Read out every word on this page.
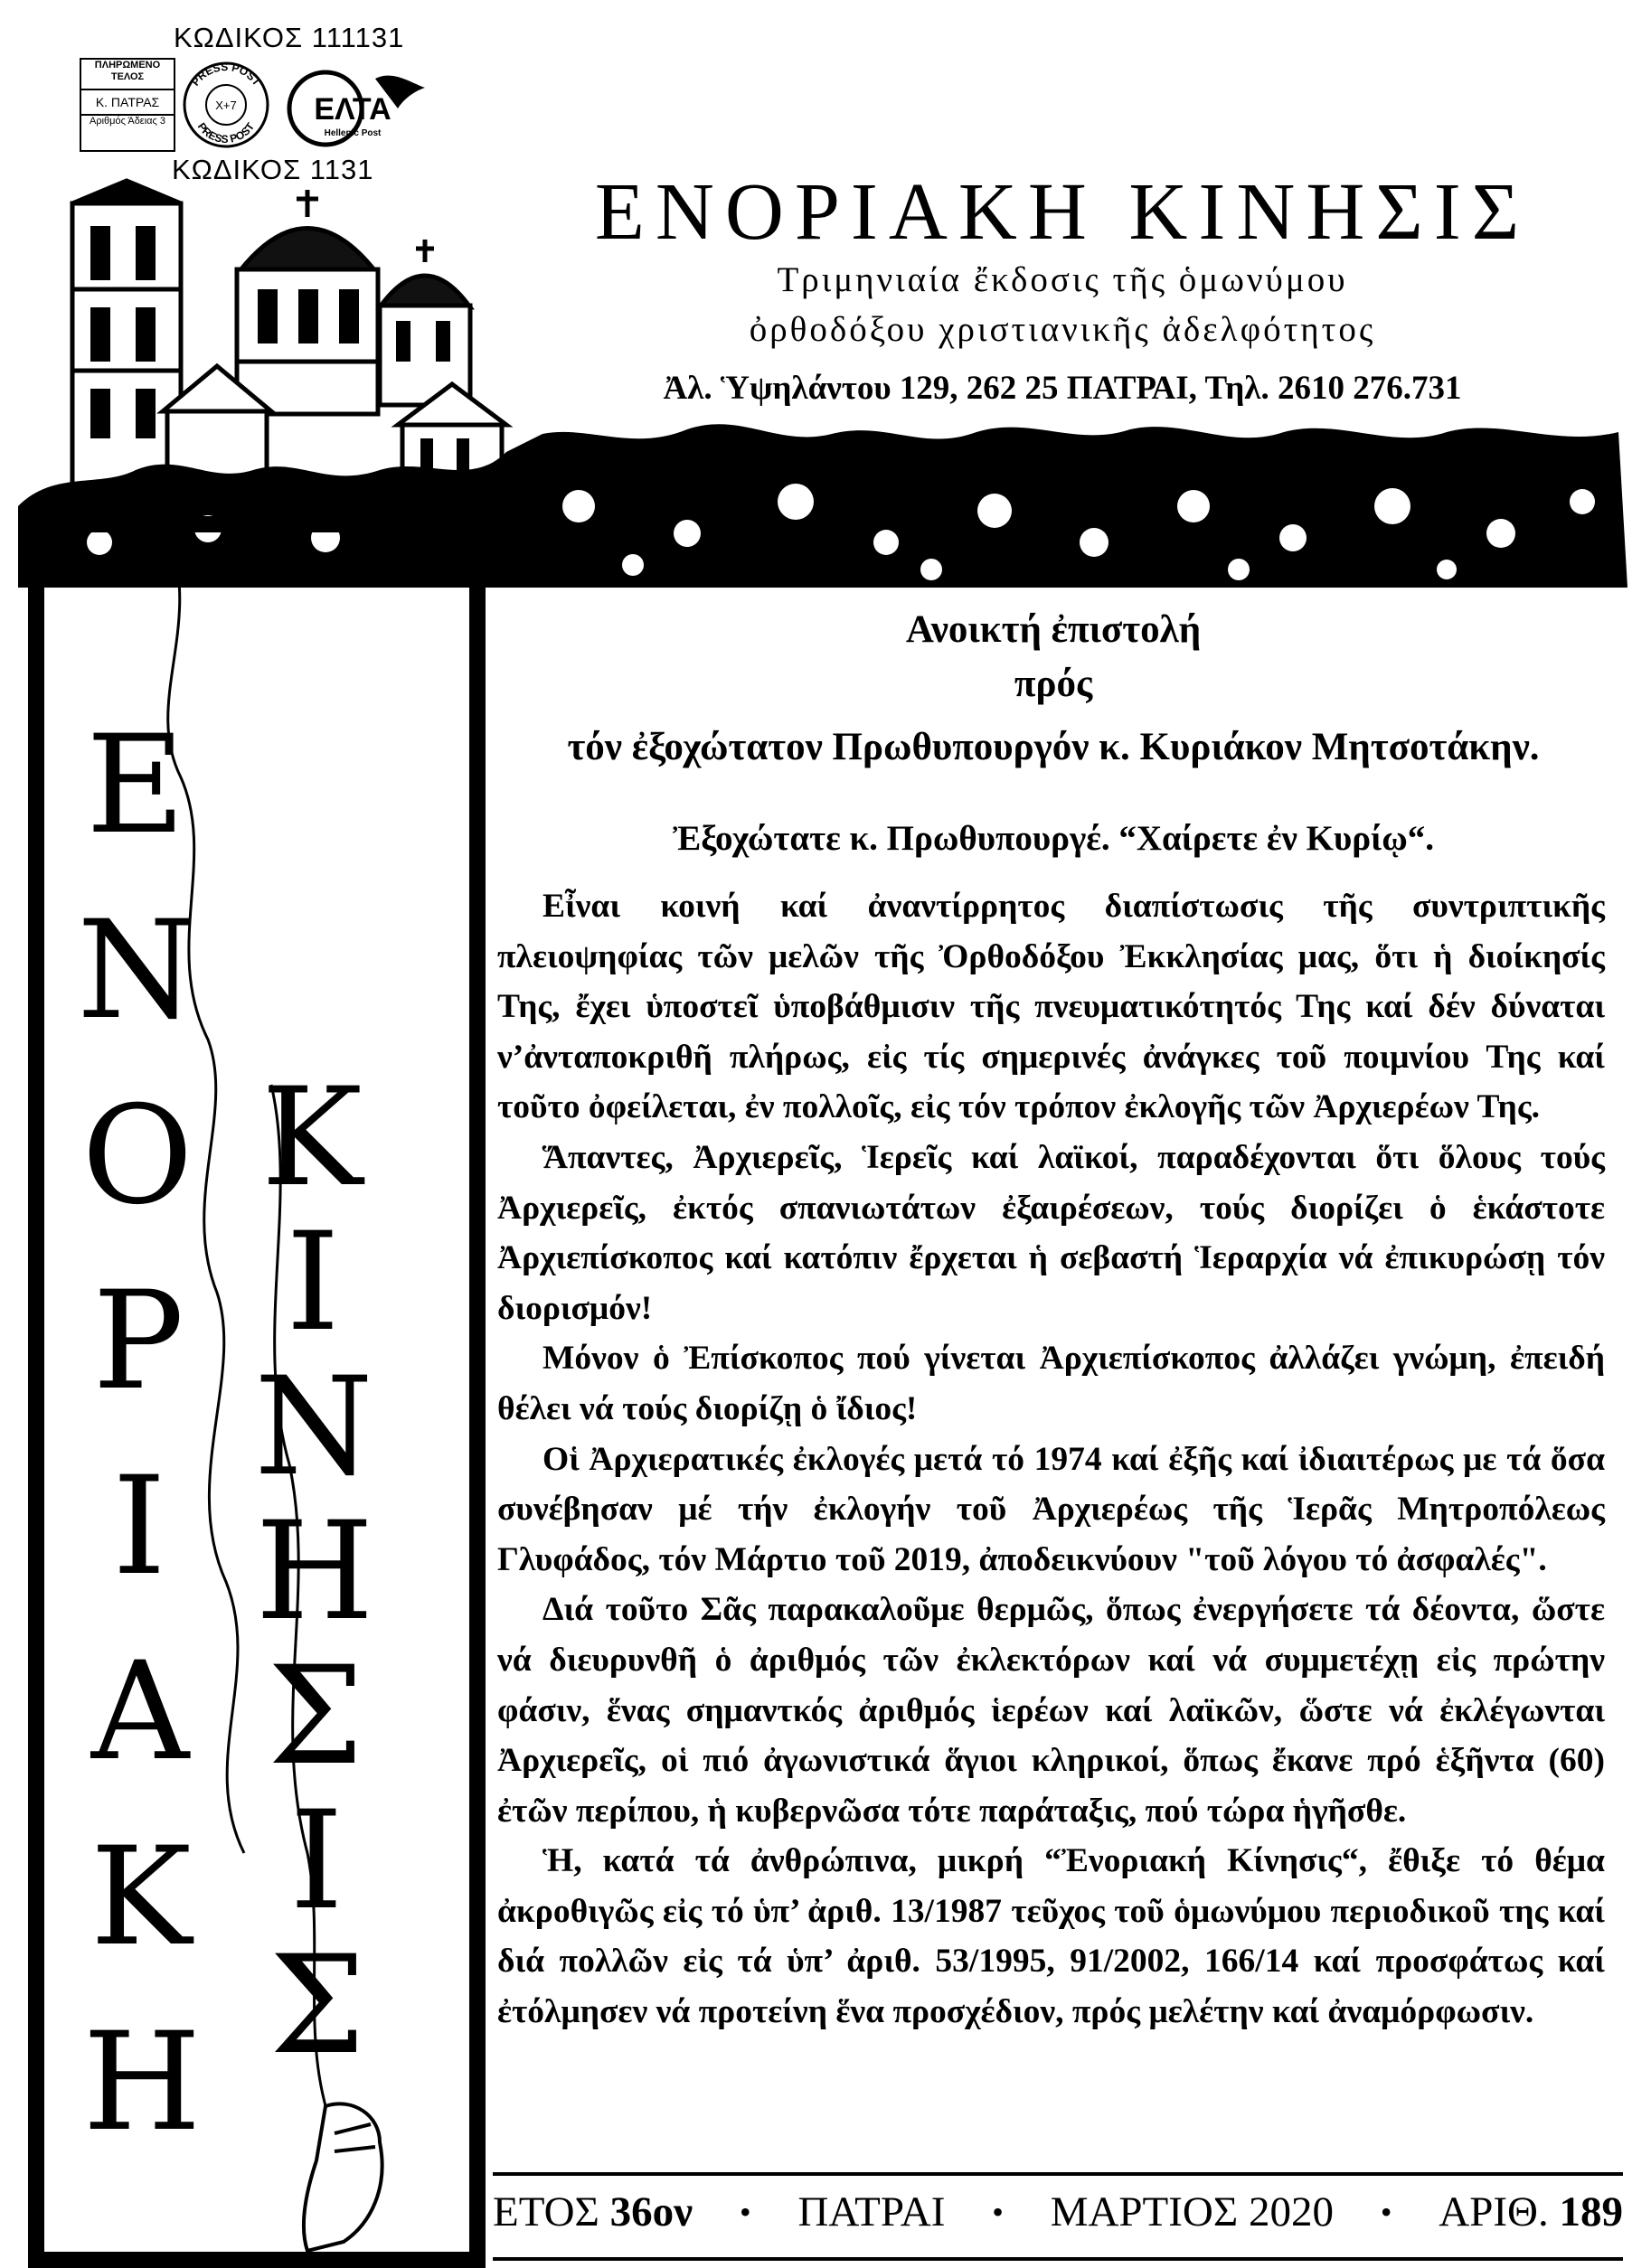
Ε
Ν
Ο
Ρ
Ι
Α
Κ
Η
Κ
Ι
Ν
Η
Σ
Ι
Σ
ΚΩΔΙΚΟΣ 111131
ΠΛΗΡΩΜΕΝΟ ΤΕΛΟΣ
Κ. ΠΑΤΡΑΣ
Αριθμός Άδειας 3
PRESS POST
PRESS POST
X+7	ΕΛΤΑ
Hellenic Post
ΚΩΔΙΚΟΣ 1131	ΕΝΟΡΙΑΚΗ ΚΙΝΗΣΙΣ
Τριμηνιαία ἔκδοσις τῆς ὁμωνύμου
ὀρθοδόξου χριστιανικῆς ἀδελφότητος
Ἀλ. Ὑψηλάντου 129, 262 25 ΠΑΤΡΑΙ, Τηλ. 2610 276.731
Ανοικτή ἐπιστολή
πρός
τόν ἐξοχώτατον Πρωθυπουργόν κ. Κυριάκον Μητσοτάκην.
Ἐξοχώτατε κ. Πρωθυπουργέ. “Χαίρετε ἐν Κυρίῳ“.

Εἶναι κοινή καί ἀναντίρρητος διαπίστωσις τῆς συντριπτικῆς πλειοψηφίας τῶν μελῶν τῆς Ὀρθοδόξου Ἐκκλησίας μας, ὅτι ἡ διοίκησίς Της, ἔχει ὑποστεῖ ὑποβάθμισιν τῆς πνευματικότητός Της καί δέν δύναται ν’ἀνταποκριθῆ πλήρως, εἰς τίς σημερινές ἀνάγκες τοῦ ποιμνίου Της καί τοῦτο ὀφείλεται, ἐν πολλοῖς, εἰς τόν τρόπον ἐκλογῆς τῶν Ἀρχιερέων Της.

Ἅπαντες, Ἀρχιερεῖς, Ἱερεῖς καί λαϊκοί, παραδέχονται ὅτι ὅλους τούς Ἀρχιερεῖς, ἐκτός σπανιωτάτων ἐξαιρέσεων, τούς διορίζει ὁ ἑκάστοτε Ἀρχιεπίσκοπος καί κατόπιν ἔρχεται ἡ σεβαστή Ἱεραρχία νά ἐπικυρώσῃ τόν διορισμόν!

Μόνον ὁ Ἐπίσκοπος πού γίνεται Ἀρχιεπίσκοπος ἀλλάζει γνώμη, ἐπειδή θέλει νά τούς διορίζῃ ὁ ἴδιος!

Οἱ Ἀρχιερατικές ἐκλογές μετά τό 1974 καί ἐξῆς καί ἰδιαιτέρως με τά ὅσα συνέβησαν μέ τήν ἐκλογήν τοῦ Ἀρχιερέως τῆς Ἱερᾶς Μητροπόλεως Γλυφάδος, τόν Μάρτιο τοῦ 2019, ἀποδεικνύουν "τοῦ λόγου τό ἀσφαλές".

Διά τοῦτο Σᾶς παρακαλοῦμε θερμῶς, ὅπως ἐνεργήσετε τά δέοντα, ὥστε νά διευρυνθῆ ὁ ἀριθμός τῶν ἐκλεκτόρων καί νά συμμετέχῃ εἰς πρώτην φάσιν, ἕνας σημαντκός ἀριθμός ἱερέων καί λαϊκῶν, ὥστε νά ἐκλέγωνται Ἀρχιερεῖς, οἱ πιό ἀγωνιστικά ἅγιοι κληρικοί, ὅπως ἔκανε πρό ἑξῆντα (60) ἐτῶν περίπου, ἡ κυβερνῶσα τότε παράταξις, πού τώρα ἡγῆσθε.

Ἡ, κατά τά ἀνθρώπινα, μικρή “Ἐνοριακή Κίνησις“, ἔθιξε τό θέμα ἀκροθιγῶς εἰς τό ὑπ’ ἀριθ. 13/1987 τεῦχος τοῦ ὁμωνύμου περιοδικοῦ της καί διά πολλῶν εἰς τά ὑπ’ ἀριθ. 53/1995, 91/2002, 166/14 καί προσφάτως καί ἐτόλμησεν νά προτείνη ἕνα προσχέδιον, πρός μελέτην καί ἀναμόρφωσιν.

ΕΤΟΣ 36ον • ΠΑΤΡΑΙ • ΜΑΡΤΙΟΣ 2020 • ΑΡΙΘ. 189
